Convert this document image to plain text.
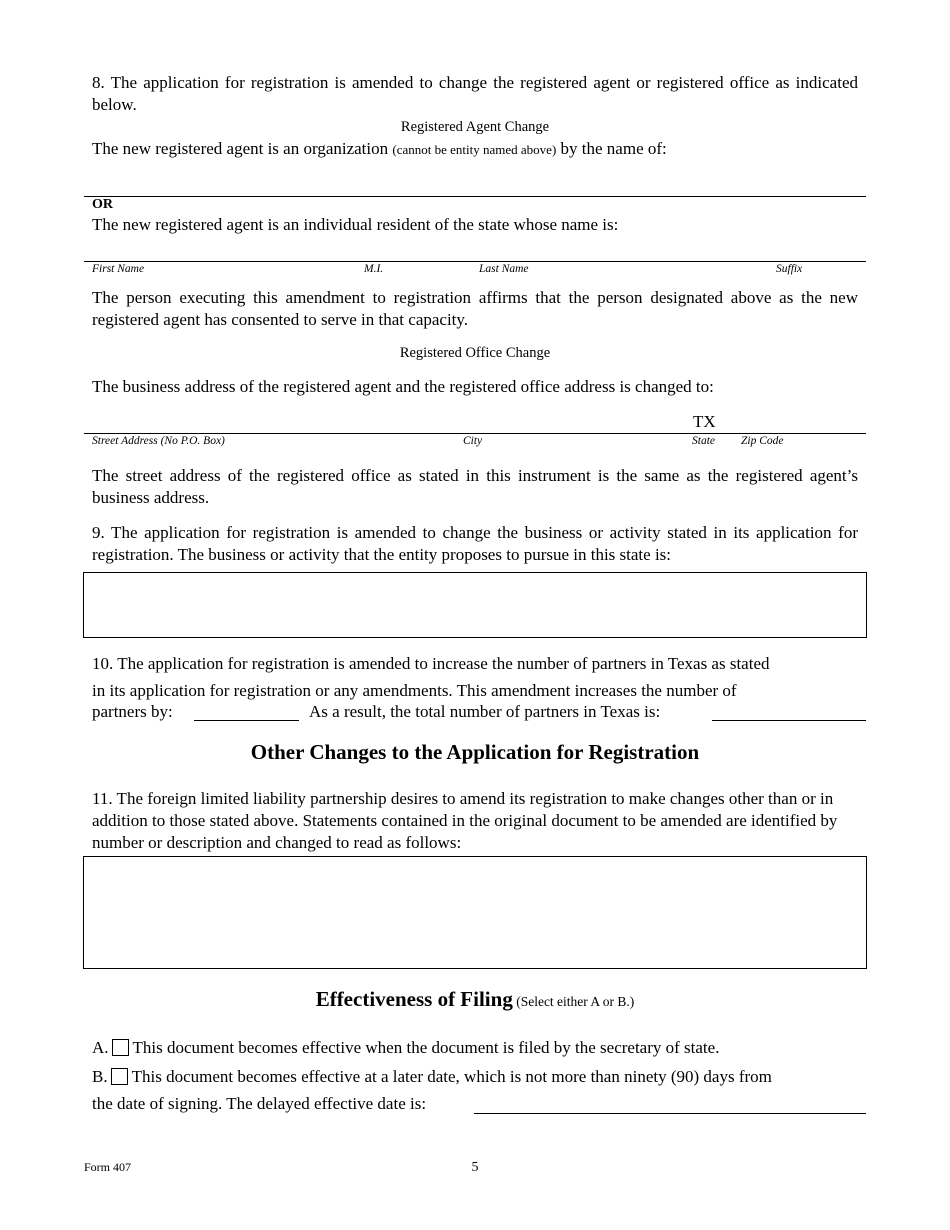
8. The application for registration is amended to change the registered agent or registered office as indicated below.
Registered Agent Change
The new registered agent is an organization (cannot be entity named above) by the name of:
OR
The new registered agent is an individual resident of the state whose name is:
First Name	M.I.	Last Name	Suffix
The person executing this amendment to registration affirms that the person designated above as the new registered agent has consented to serve in that capacity.
Registered Office Change
The business address of the registered agent and the registered office address is changed to:
TX
Street Address (No P.O. Box)	City	State Zip Code
The street address of the registered office as stated in this instrument is the same as the registered agent’s business address.
9. The application for registration is amended to change the business or activity stated in its application for registration. The business or activity that the entity proposes to pursue in this state is:
10. The application for registration is amended to increase the number of partners in Texas as stated
in its application for registration or any amendments. This amendment increases the number of
partners by:	As a result, the total number of partners in Texas is:
Other Changes to the Application for Registration
11. The foreign limited liability partnership desires to amend its registration to make changes other than or in addition to those stated above. Statements contained in the original document to be amended are identified by number or description and changed to read as follows:
Effectiveness of Filing (Select either A or B.)
A. This document becomes effective when the document is filed by the secretary of state.
B. This document becomes effective at a later date, which is not more than ninety (90) days from
the date of signing. The delayed effective date is:
Form 407	5
